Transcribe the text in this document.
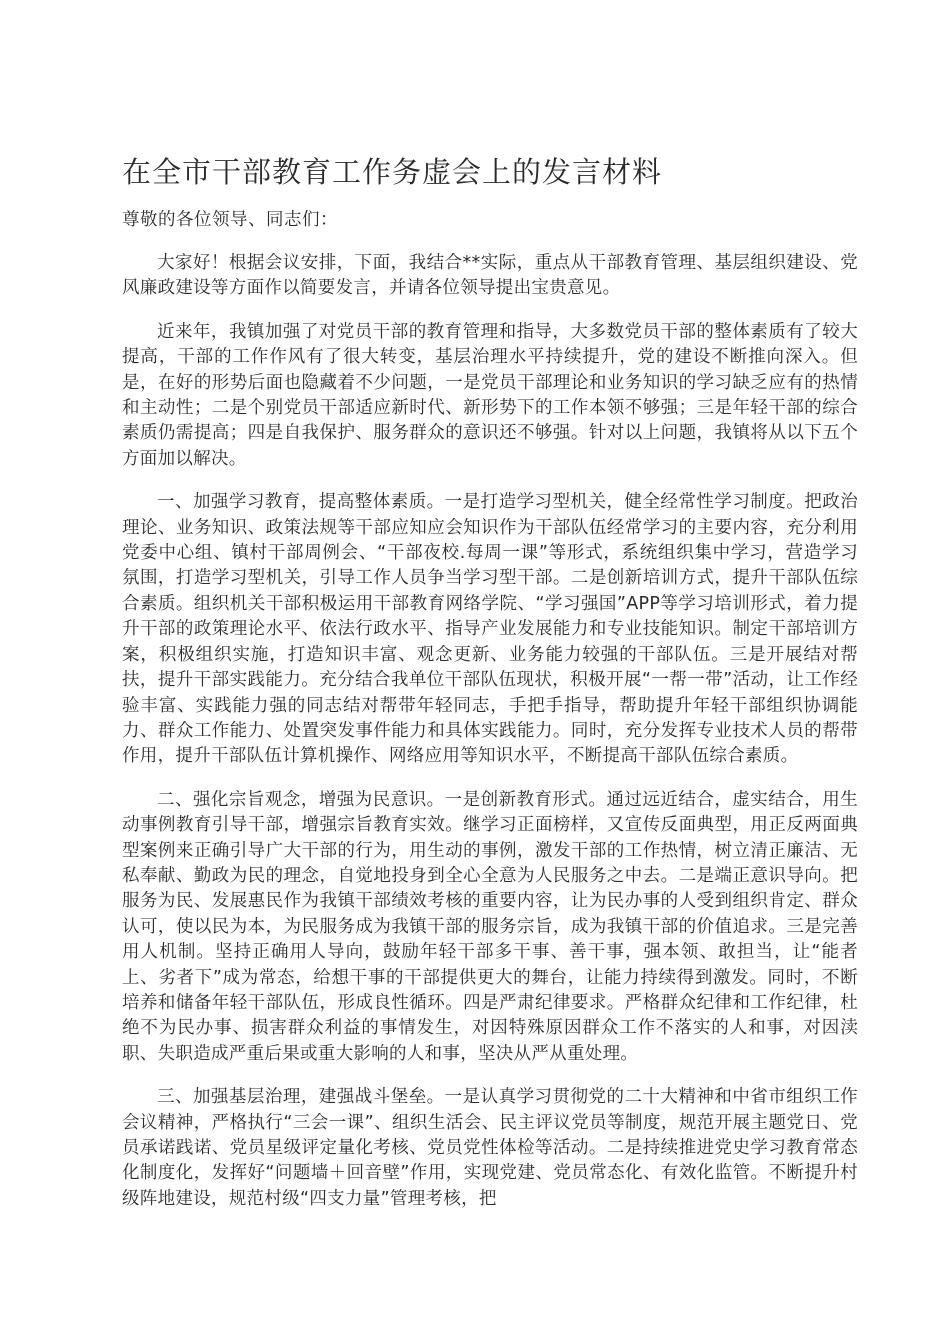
在全市干部教育工作务虚会上的发言材料

尊敬的各位领导、同志们：

大家好！根据会议安排，下面，我结合**实际，重点从干部教育管理、基层组织建设、党风廉政建设等方面作以简要发言，并请各位领导提出宝贵意见。

近来年，我镇加强了对党员干部的教育管理和指导，大多数党员干部的整体素质有了较大提高，干部的工作作风有了很大转变，基层治理水平持续提升，党的建设不断推向深入。但是，在好的形势后面也隐藏着不少问题，一是党员干部理论和业务知识的学习缺乏应有的热情和主动性；二是个别党员干部适应新时代、新形势下的工作本领不够强；三是年轻干部的综合素质仍需提高；四是自我保护、服务群众的意识还不够强。针对以上问题，我镇将从以下五个方面加以解决。

一、加强学习教育，提高整体素质。一是打造学习型机关，健全经常性学习制度。把政治理论、业务知识、政策法规等干部应知应会知识作为干部队伍经常学习的主要内容，充分利用党委中心组、镇村干部周例会、“干部夜校.每周一课”等形式，系统组织集中学习，营造学习氛围，打造学习型机关，引导工作人员争当学习型干部。二是创新培训方式，提升干部队伍综合素质。组织机关干部积极运用干部教育网络学院、“学习强国”APP等学习培训形式，着力提升干部的政策理论水平、依法行政水平、指导产业发展能力和专业技能知识。制定干部培训方案，积极组织实施，打造知识丰富、观念更新、业务能力较强的干部队伍。三是开展结对帮扶，提升干部实践能力。充分结合我单位干部队伍现状，积极开展“一帮一带”活动，让工作经验丰富、实践能力强的同志结对帮带年轻同志，手把手指导，帮助提升年轻干部组织协调能力、群众工作能力、处置突发事件能力和具体实践能力。同时，充分发挥专业技术人员的帮带作用，提升干部队伍计算机操作、网络应用等知识水平，不断提高干部队伍综合素质。

二、强化宗旨观念，增强为民意识。一是创新教育形式。通过远近结合，虚实结合，用生动事例教育引导干部，增强宗旨教育实效。继学习正面榜样，又宣传反面典型，用正反两面典型案例来正确引导广大干部的行为，用生动的事例，激发干部的工作热情，树立清正廉洁、无私奉献、勤政为民的理念，自觉地投身到全心全意为人民服务之中去。二是端正意识导向。把服务为民、发展惠民作为我镇干部绩效考核的重要内容，让为民办事的人受到组织肯定、群众认可，使以民为本，为民服务成为我镇干部的服务宗旨，成为我镇干部的价值追求。三是完善用人机制。坚持正确用人导向，鼓励年轻干部多干事、善干事，强本领、敢担当，让“能者上、劣者下”成为常态，给想干事的干部提供更大的舞台，让能力持续得到激发。同时，不断培养和储备年轻干部队伍，形成良性循环。四是严肃纪律要求。严格群众纪律和工作纪律，杜绝不为民办事、损害群众利益的事情发生，对因特殊原因群众工作不落实的人和事，对因渎职、失职造成严重后果或重大影响的人和事，坚决从严从重处理。

三、加强基层治理，建强战斗堡垒。一是认真学习贯彻党的二十大精神和中省市组织工作会议精神，严格执行“三会一课”、组织生活会、民主评议党员等制度，规范开展主题党日、党员承诺践诺、党员星级评定量化考核、党员党性体检等活动。二是持续推进党史学习教育常态化制度化，发挥好“问题墙＋回音壁”作用，实现党建、党员常态化、有效化监管。不断提升村级阵地建设，规范村级“四支力量”管理考核，把
